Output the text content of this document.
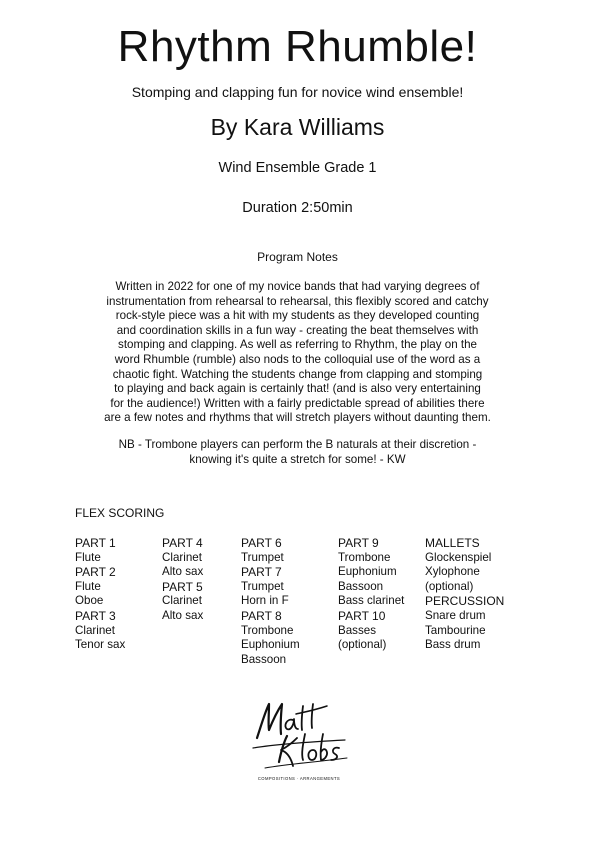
Rhythm Rhumble!
Stomping and clapping fun for novice wind ensemble!
By Kara Williams
Wind Ensemble Grade 1
Duration 2:50min
Program Notes
Written in 2022 for one of my novice bands that had varying degrees of
instrumentation from rehearsal to rehearsal, this flexibly scored and catchy
rock-style piece was a hit with my students as they developed counting
and coordination skills in a fun way - creating the beat themselves with
stomping and clapping. As well as referring to Rhythm, the play on the
word Rhumble (rumble) also nods to the colloquial use of the word as a
chaotic fight. Watching the students change from clapping and stomping
to playing and back again is certainly that! (and is also very entertaining
for the audience!) Written with a fairly predictable spread of abilities there
are a few notes and rhythms that will stretch players without daunting them.
NB - Trombone players can perform the B naturals at their discretion -
knowing it's quite a stretch for some! - KW
FLEX SCORING
PART 1
Flute
PART 2
Flute
Oboe
PART 3
Clarinet
Tenor sax
PART 4
Clarinet
Alto sax
PART 5
Clarinet
Alto sax
PART 6
Trumpet
PART 7
Trumpet
Horn in F
PART 8
Trombone
Euphonium
Bassoon
PART 9
Trombone
Euphonium
Bassoon
Bass clarinet
PART 10
Basses
(optional)
MALLETS
Glockenspiel
Xylophone
(optional)
PERCUSSION
Snare drum
Tambourine
Bass drum
COMPOSITIONS · ARRANGEMENTS
